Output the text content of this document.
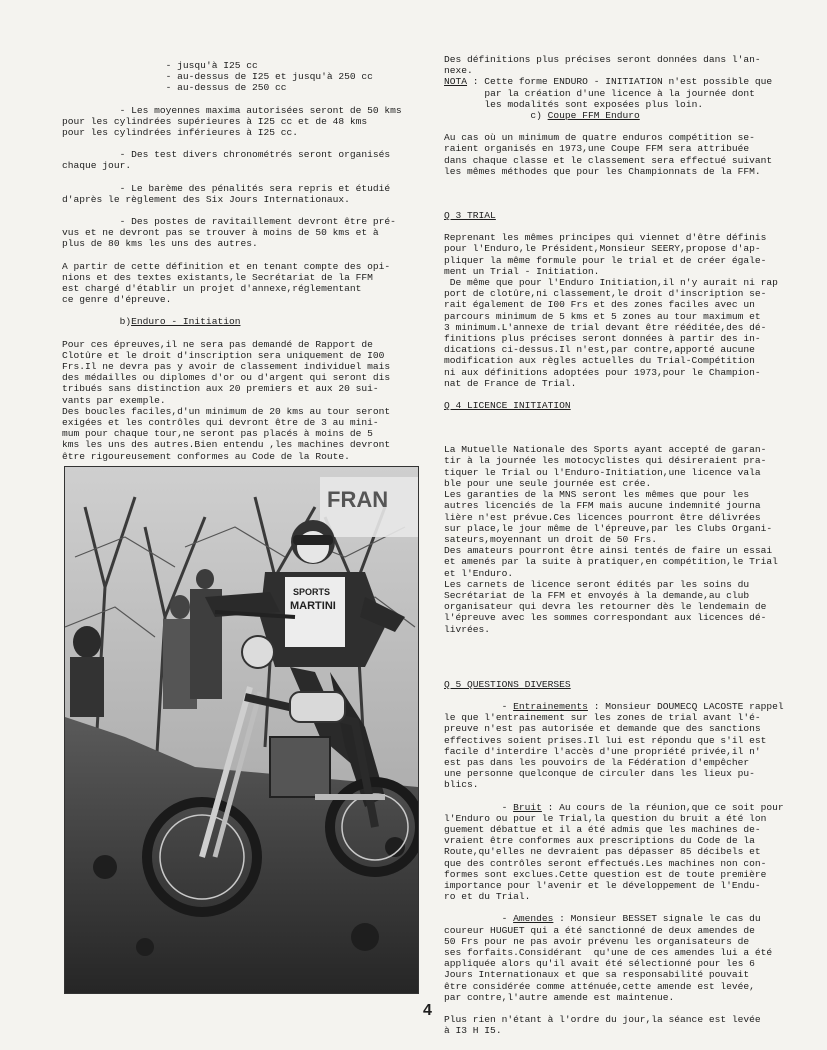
- jusqu'à I25 cc

- au-dessus de I25 et jusqu'à 250 cc

- au-dessus de 250 cc

- Les moyennes maxima autorisées seront de 50 kms
pour les cylindrées supérieures à I25 cc et de 48 kms
pour les cylindrées inférieures à I25 cc.

- Des test divers chronométrés seront organisés
chaque jour.

- Le barème des pénalités sera repris et étudié
d'après le règlement des Six Jours Internationaux.

- Des postes de ravitaillement devront être pré-
vus et ne devront pas se trouver à moins de 50 kms et à
plus de 80 kms les uns des autres.

A partir de cette définition et en tenant compte des opi-
nions et des textes existants,le Secrétariat de la FFM
est chargé d'établir un projet d'annexe,réglementant
ce genre d'épreuve.

b)Enduro - Initiation

Pour ces épreuves,il ne sera pas demandé de Rapport de
Clotûre et le droit d'inscription sera uniquement de I00
Frs.Il ne devra pas y avoir de classement individuel mais
des médailles ou diplomes d'or ou d'argent qui seront dis
tribués sans distinction aux 20 premiers et aux 20 sui-
vants par exemple.
Des boucles faciles,d'un minimum de 20 kms au tour seront
exigées et les contrôles qui devront être de 3 au mini-
mum pour chaque tour,ne seront pas placés à moins de 5
kms les uns des autres.Bien entendu ,les machines devront
être rigoureusement conformes au Code de la Route.

FRAN
SPORTS
MARTINI

Des définitions plus précises seront données dans l'an-
nexe.

NOTA : Cette forme ENDURO - INITIATION n'est possible que
par la création d'une licence à la journée dont
les modalités sont exposées plus loin.

c) Coupe FFM Enduro

Au cas où un minimum de quatre enduros compétition se-
raient organisés en 1973,une Coupe FFM sera attribuée
dans chaque classe et le classement sera effectué suivant
les mêmes méthodes que pour les Championnats de la FFM.

Q 3 TRIAL

Reprenant les mêmes principes qui viennet d'être définis
pour l'Enduro,le Président,Monsieur SEERY,propose d'ap-
pliquer la même formule pour le trial et de créer égale-
ment un Trial - Initiation.
De même que pour l'Enduro Initiation,il n'y aurait ni rap
port de clotûre,ni classement,le droit d'inscription se-
rait également de I00 Frs et des zones faciles avec un
parcours minimum de 5 kms et 5 zones au tour maximum et
3 minimum.L'annexe de trial devant être rééditée,des dé-
finitions plus précises seront données à partir des in-
dications ci-dessus.Il n'est,par contre,apporté aucune
modification aux règles actuelles du Trial-Compétition
ni aux définitions adoptées pour 1973,pour le Champion-
nat de France de Trial.

Q 4 LICENCE INITIATION

La Mutuelle Nationale des Sports ayant accepté de garan-
tir à la journée les motocyclistes qui désireraient pra-
tiquer le Trial ou l'Enduro-Initiation,une licence vala
ble pour une seule journée est crée.
Les garanties de la MNS seront les mêmes que pour les
autres licenciés de la FFM mais aucune indemnité journa
lière n'est prévue.Ces licences pourront être délivrées
sur place,le jour même de l'épreuve,par les Clubs Organi-
sateurs,moyennant un droit de 50 Frs.
Des amateurs pourront être ainsi tentés de faire un essai
et amenés par la suite à pratiquer,en compétition,le Trial
et l'Enduro.
Les carnets de licence seront édités par les soins du
Secrétariat de la FFM et envoyés à la demande,au club
organisateur qui devra les retourner dès le lendemain de
l'épreuve avec les sommes correspondant aux licences dé-
livrées.

Q 5 QUESTIONS DIVERSES

- Entrainements : Monsieur DOUMECQ LACOSTE rappel
le que l'entrainement sur les zones de trial avant l'é-
preuve n'est pas autorisée et demande que des sanctions
effectives soient prises.Il lui est répondu que s'il est
facile d'interdire l'accès d'une propriété privée,il n'
est pas dans les pouvoirs de la Fédération d'empêcher
une personne quelconque de circuler dans les lieux pu-
blics.

- Bruit : Au cours de la réunion,que ce soit pour
l'Enduro ou pour le Trial,la question du bruit a été lon
guement débattue et il a été admis que les machines de-
vraient être conformes aux prescriptions du Code de la
Route,qu'elles ne devraient pas dépasser 85 décibels et
que des contrôles seront effectués.Les machines non con-
formes sont exclues.Cette question est de toute première
importance pour l'avenir et le développement de l'Endu-
ro et du Trial.

- Amendes : Monsieur BESSET signale le cas du
coureur HUGUET qui a été sanctionné de deux amendes de
50 Frs pour ne pas avoir prévenu les organisateurs de
ses forfaits.Considérant  qu'une de ces amendes lui a été
appliquée alors qu'il avait été sélectionné pour les 6
Jours Internationaux et que sa responsabilité pouvait
être considérée comme atténuée,cette amende est levée,
par contre,l'autre amende est maintenue.

Plus rien n'étant à l'ordre du jour,la séance est levée
à I3 H I5.

4
